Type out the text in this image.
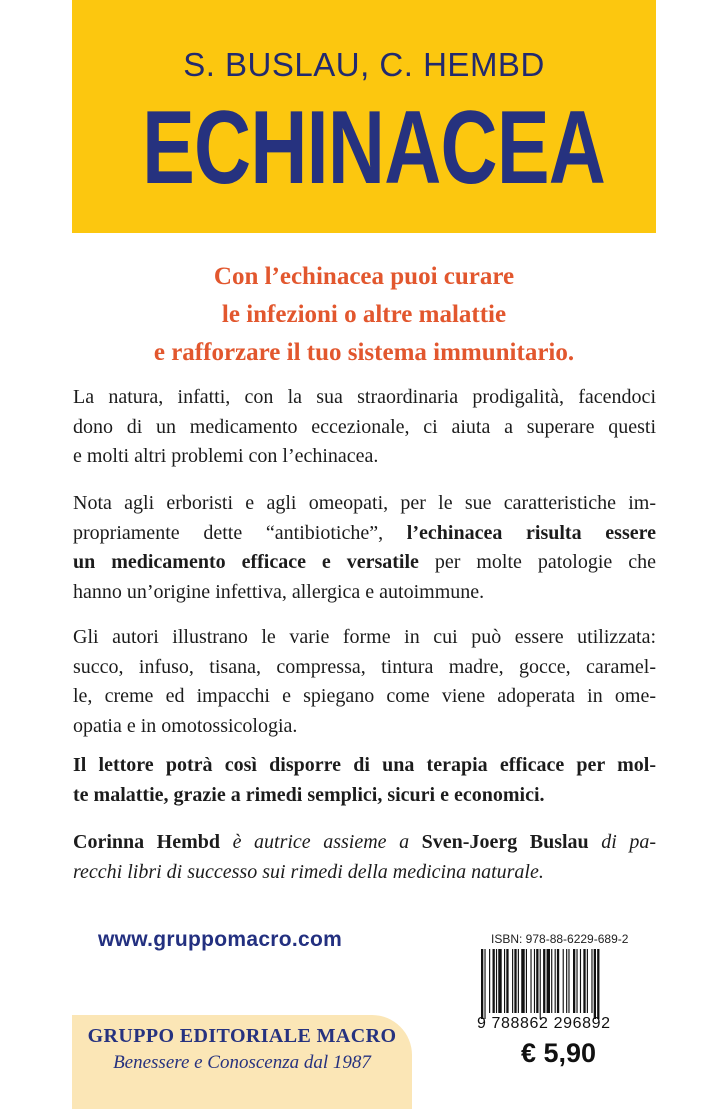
S. BUSLAU, C. HEMBD
ECHINACEA
Con l’echinacea puoi curare
le infezioni o altre malattie
e rafforzare il tuo sistema immunitario.
La natura, infatti, con la sua straordinaria prodigalità, facendoci
dono di un medicamento eccezionale, ci aiuta a superare questi
e molti altri problemi con l’echinacea.
Nota agli erboristi e agli omeopati, per le sue caratteristiche im-
propriamente dette “antibiotiche”, l’echinacea risulta essere
un medicamento efficace e versatile per molte patologie che
hanno un’origine infettiva, allergica e autoimmune.
Gli autori illustrano le varie forme in cui può essere utilizzata:
succo, infuso, tisana, compressa, tintura madre, gocce, caramel-
le, creme ed impacchi e spiegano come viene adoperata in ome-
opatia e in omotossicologia.
Il lettore potrà così disporre di una terapia efficace per mol-
te malattie, grazie a rimedi semplici, sicuri e economici.
Corinna Hembd è autrice assieme a Sven-Joerg Buslau di pa-
recchi libri di successo sui rimedi della medicina naturale.
www.gruppomacro.com
GRUPPO EDITORIALE MACRO
Benessere e Conoscenza dal 1987
ISBN: 978-88-6229-689-2
9 788862 296892
€ 5,90
